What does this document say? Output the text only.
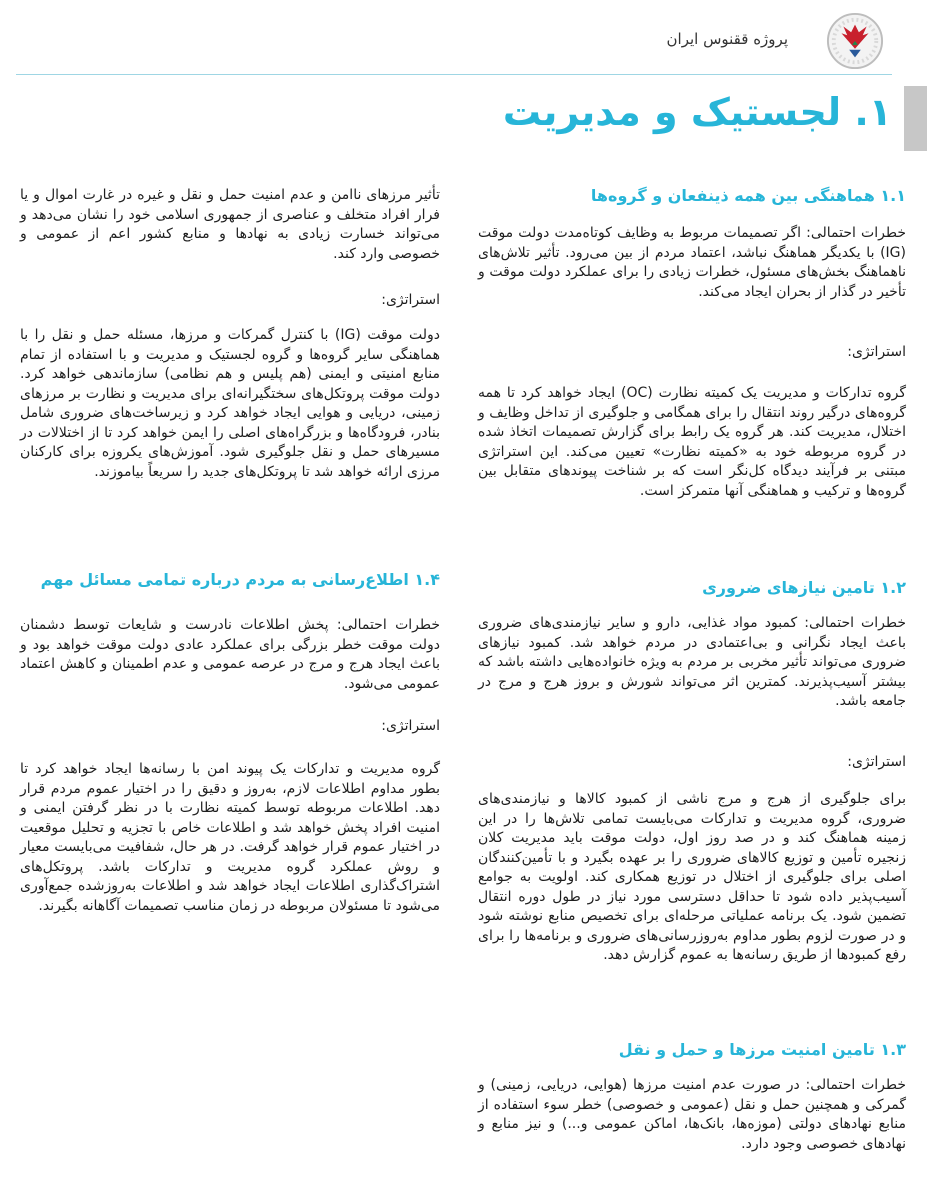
پروژه ققنوس ایران

۱. لجستیک و مدیریت
۱.۱ هماهنگی بین همه ذینفعان و گروه‌ها

خطرات احتمالی: اگر تصمیمات مربوط به وظایف کوتاه‌مدت دولت موقت (IG) با یکدیگر هماهنگ نباشد، اعتماد مردم از بین می‌رود. تأثیر تلاش‌های ناهماهنگ بخش‌های مسئول، خطرات زیادی را برای عملکرد دولت موقت و تأخیر در گذار از بحران ایجاد می‌کند.

استراتژی:

گروه تدارکات و مدیریت یک کمیته نظارت (OC) ایجاد خواهد کرد تا همه گروه‌های درگیر روند انتقال را برای همگامی و جلوگیری از تداخل وظایف و اختلال، مدیریت کند. هر گروه یک رابط برای گزارش تصمیمات اتخاذ شده در گروه مربوطه خود به «کمیته نظارت» تعیین می‌کند. این استراتژی مبتنی بر فرآیند دیدگاه کل‌نگر است که بر شناخت پیوندهای متقابل بین گروه‌ها و ترکیب و هماهنگی آنها متمرکز است.

۱.۲ تامین نیازهای ضروری

خطرات احتمالی: کمبود مواد غذایی، دارو و سایر نیازمندی‌های ضروری باعث ایجاد نگرانی و بی‌اعتمادی در مردم خواهد شد. کمبود نیازهای ضروری می‌تواند تأثیر مخربی بر مردم به ویژه خانواده‌هایی داشته باشد که بیشتر آسیب‌پذیرند. کمترین اثر می‌تواند شورش و بروز هرج و مرج در جامعه باشد.

استراتژی:

برای جلوگیری از هرج و مرج ناشی از کمبود کالاها و نیازمندی‌های ضروری، گروه مدیریت و تدارکات می‌بایست تمامی تلاش‌ها را در این زمینه هماهنگ کند و در صد روز اول، دولت موقت باید مدیریت کلان زنجیره تأمین و توزیع کالاهای ضروری را بر عهده بگیرد و با تأمین‌کنندگان اصلی برای جلوگیری از اختلال در توزیع همکاری کند. اولویت به جوامع آسیب‌پذیر داده شود تا حداقل دسترسی مورد نیاز در طول دوره انتقال تضمین شود. یک برنامه عملیاتی مرحله‌ای برای تخصیص منابع نوشته شود و در صورت لزوم بطور مداوم به‌روزرسانی‌های ضروری و برنامه‌ها را برای رفع کمبودها از طریق رسانه‌ها به عموم گزارش دهد.

۱.۳ تامین امنیت مرزها و حمل و نقل

خطرات احتمالی: در صورت عدم امنیت مرزها (هوایی، دریایی، زمینی) و گمرکی و همچنین حمل و نقل (عمومی و خصوصی) خطر سوء استفاده از منابع نهادهای دولتی (موزه‌ها، بانک‌ها، اماکن عمومی و...) و نیز منابع و نهادهای خصوصی وجود دارد.

تأثیر مرزهای ناامن و عدم امنیت حمل و نقل و غیره در غارت اموال و یا فرار افراد متخلف و عناصری از جمهوری اسلامی خود را نشان می‌دهد و می‌تواند خسارت زیادی به نهادها و منابع کشور اعم از عمومی و خصوصی وارد کند.

استراتژی:

دولت موقت (IG) با کنترل گمرکات و مرزها، مسئله حمل و نقل را با هماهنگی سایر گروه‌ها و گروه لجستیک و مدیریت و با استفاده از تمام منابع امنیتی و ایمنی (هم پلیس و هم نظامی) سازماندهی خواهد کرد. دولت موقت پروتکل‌های سختگیرانه‌ای برای مدیریت و نظارت بر مرزهای زمینی، دریایی و هوایی ایجاد خواهد کرد و زیرساخت‌های ضروری شامل بنادر، فرودگاه‌ها و بزرگراه‌های اصلی را ایمن خواهد کرد تا از اختلالات در مسیرهای حمل و نقل جلوگیری شود. آموزش‌های یکروزه برای کارکنان مرزی ارائه خواهد شد تا پروتکل‌های جدید را سریعاً بیاموزند.

۱.۴ اطلاع‌رسانی به مردم درباره تمامی مسائل مهم

خطرات احتمالی: پخش اطلاعات نادرست و شایعات توسط دشمنان دولت موقت خطر بزرگی برای عملکرد عادی دولت موقت خواهد بود و باعث ایجاد هرج و مرج در عرصه عمومی و عدم اطمینان و کاهش اعتماد عمومی می‌شود.

استراتژی:

گروه مدیریت و تدارکات یک پیوند امن با رسانه‌ها ایجاد خواهد کرد تا بطور مداوم اطلاعات لازم، به‌روز و دقیق را در اختیار عموم مردم قرار دهد. اطلاعات مربوطه توسط کمیته نظارت با در نظر گرفتن ایمنی و امنیت افراد پخش خواهد شد و اطلاعات خاص با تجزیه و تحلیل موقعیت در اختیار عموم قرار خواهد گرفت. در هر حال، شفافیت می‌بایست معیار و روش عملکرد گروه مدیریت و تدارکات باشد. پروتکل‌های اشتراک‌گذاری اطلاعات ایجاد خواهد شد و اطلاعات به‌روزشده جمع‌آوری می‌شود تا مسئولان مربوطه در زمان مناسب تصمیمات آگاهانه بگیرند.
